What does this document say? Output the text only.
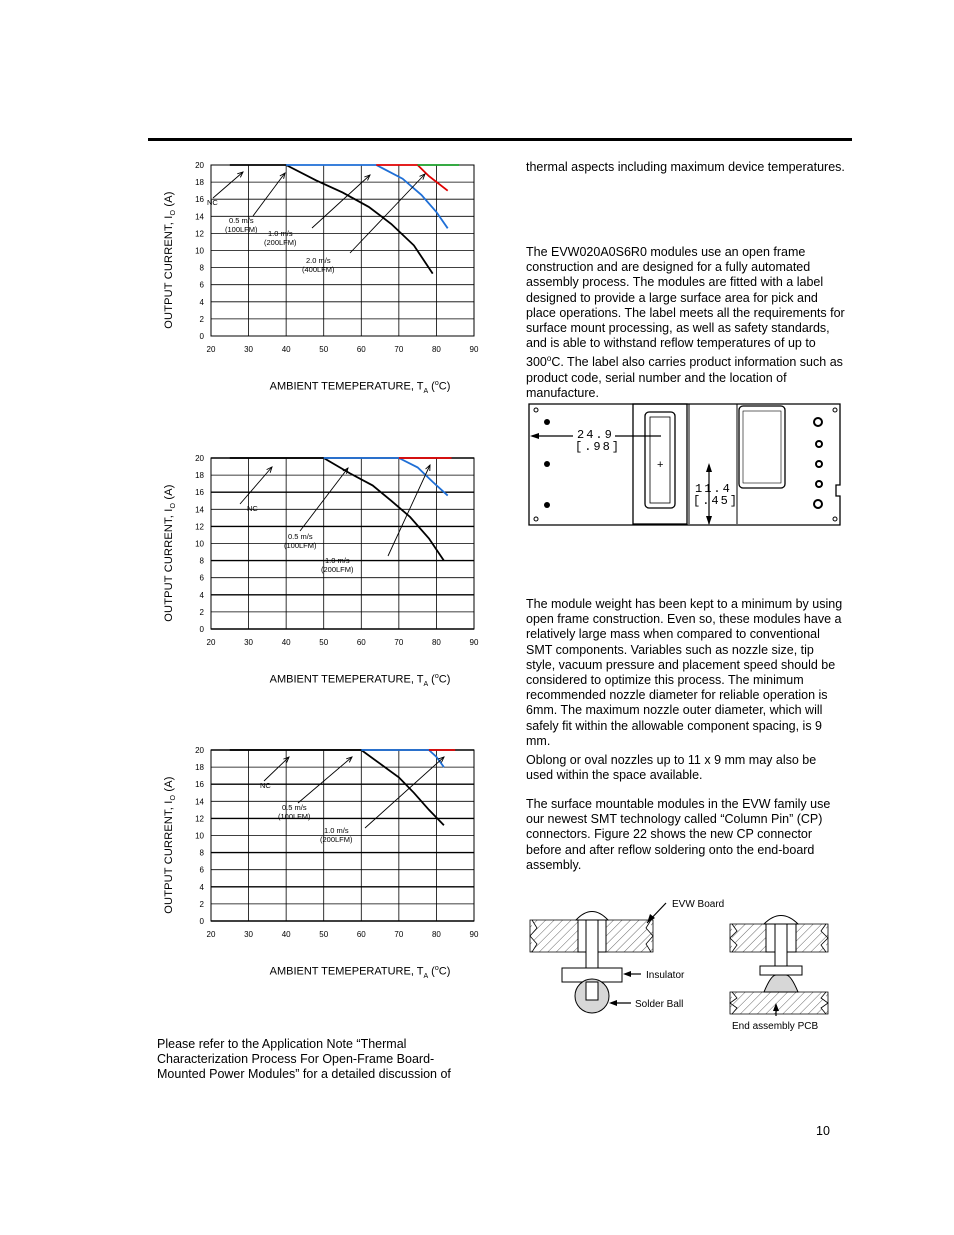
0
2
4
6
8
10
12
14
16
18
20
20	30	40	50	60	70	80	90
NC
0.5 m/s
(100LFM) 1.0 m/s
(200LFM)
2.0 m/s
(400LFM)
OUTPUT CURRENT, $I_O$ (A)
AMBIENT TEMEPERATURE, $T_A$ ($^o$C)
0
2
4
6
8
10
12
14
16
18
20
20	30	40	50	60	70	80	90
NC
0.5 m/s
(100LFM)
1.0 m/s
(200LFM)
OUTPUT CURRENT, $I_O$ (A)
AMBIENT TEMEPERATURE, $T_A$ ($^o$C)
0
2
4
6
8
10
12
14
16
18
20
20	30	40	50	60	70	80	90
NC
0.5 m/s
(100LFM)
1.0 m/s
(200LFM)
OUTPUT CURRENT, $I_O$ (A)
AMBIENT TEMEPERATURE, $T_A$ ($^o$C)

thermal aspects including maximum device temperatures.

The EVW020A0S6R0 modules use an open frame construction and are designed for a fully automated assembly process. The modules are fitted with a label designed to provide a large surface area for pick and place operations. The label meets all the requirements for surface mount processing, as well as safety standards, and is able to withstand reflow temperatures of up to 300$^o$C. The label also carries product information such as product code, serial number and the location of manufacture.

24.9
[.98]
+
11.4
[.45]

The module weight has been kept to a minimum by using open frame construction. Even so, these modules have a relatively large mass when compared to conventional SMT components. Variables such as nozzle size, tip style, vacuum pressure and placement speed should be considered to optimize this process. The minimum recommended nozzle diameter for reliable operation is 6mm. The maximum nozzle outer diameter, which will safely fit within the allowable component spacing, is 9 mm.

Oblong or oval nozzles up to 11 x 9 mm may also be used within the space available.

The surface mountable modules in the EVW family use our newest SMT technology called “Column Pin” (CP) connectors. Figure 22 shows the new CP connector before and after reflow soldering onto the end-board assembly.

EVW Board
Insulator
Solder Ball
End assembly PCB

Please refer to the Application Note “Thermal Characterization Process For Open-Frame Board-Mounted Power Modules” for a detailed discussion of

10
